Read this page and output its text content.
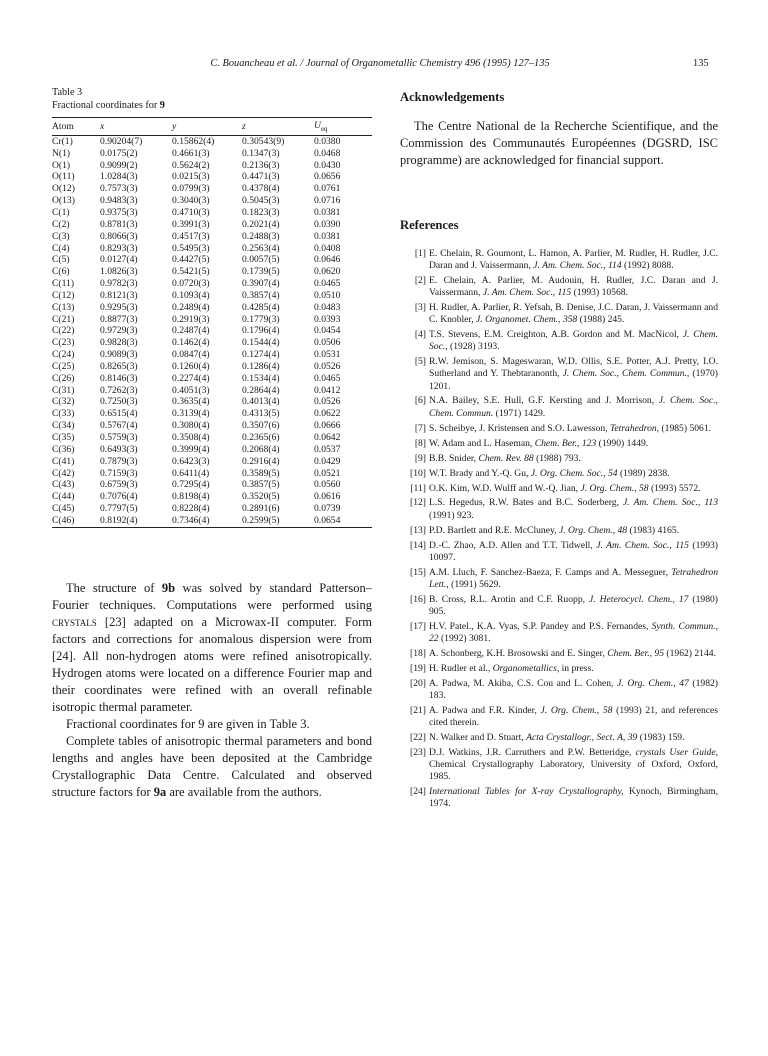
C. Bouancheau et al. / Journal of Organometallic Chemistry 496 (1995) 127–135	135
Table 3
Fractional coordinates for 9
Atom	x	y	z	$U_{eq}$
Cr(1)	0.90204(7)	0.15862(4)	0.30543(9)	0.0380
N(1)	0.0175(2)	0.4661(3)	0.1347(3)	0.0468
O(1)	0.9099(2)	0.5624(2)	0.2136(3)	0.0430
O(11)	1.0284(3)	0.0215(3)	0.4471(3)	0.0656
O(12)	0.7573(3)	0.0799(3)	0.4378(4)	0.0761
O(13)	0.9483(3)	0.3040(3)	0.5045(3)	0.0716
C(1)	0.9375(3)	0.4710(3)	0.1823(3)	0.0381
C(2)	0.8781(3)	0.3991(3)	0.2021(4)	0.0390
C(3)	0.8066(3)	0.4517(3)	0.2488(3)	0.0381
C(4)	0.8293(3)	0.5495(3)	0.2563(4)	0.0408
C(5)	0.0127(4)	0.4427(5)	0.0057(5)	0.0646
C(6)	1.0826(3)	0.5421(5)	0.1739(5)	0.0620
C(11)	0.9782(3)	0.0720(3)	0.3907(4)	0.0465
C(12)	0.8121(3)	0.1093(4)	0.3857(4)	0.0510
C(13)	0.9295(3)	0.2489(4)	0.4285(4)	0.0483
C(21)	0.8877(3)	0.2919(3)	0.1779(3)	0.0393
C(22)	0.9729(3)	0.2487(4)	0.1796(4)	0.0454
C(23)	0.9828(3)	0.1462(4)	0.1544(4)	0.0506
C(24)	0.9089(3)	0.0847(4)	0.1274(4)	0.0531
C(25)	0.8265(3)	0.1260(4)	0.1286(4)	0.0526
C(26)	0.8146(3)	0.2274(4)	0.1534(4)	0.0465
C(31)	0.7262(3)	0.4051(3)	0.2864(4)	0.0412
C(32)	0.7250(3)	0.3635(4)	0.4013(4)	0.0526
C(33)	0.6515(4)	0.3139(4)	0.4313(5)	0.0622
C(34)	0.5767(4)	0.3080(4)	0.3507(6)	0.0666
C(35)	0.5759(3)	0.3508(4)	0.2365(6)	0.0642
C(36)	0.6493(3)	0.3999(4)	0.2068(4)	0.0537
C(41)	0.7879(3)	0.6423(3)	0.2916(4)	0.0429
C(42)	0.7159(3)	0.6411(4)	0.3589(5)	0.0521
C(43)	0.6759(3)	0.7295(4)	0.3857(5)	0.0560
C(44)	0.7076(4)	0.8198(4)	0.3520(5)	0.0616
C(45)	0.7797(5)	0.8228(4)	0.2891(6)	0.0739
C(46)	0.8192(4)	0.7346(4)	0.2599(5)	0.0654

The structure of 9b was solved by standard Patterson–Fourier techniques. Computations were performed using crystals [23] adapted on a Microwax-II computer. Form factors and corrections for anomalous dispersion were from [24]. All non-hydrogen atoms were refined anisotropically. Hydrogen atoms were located on a difference Fourier map and their coordinates were refined with an overall refinable isotropic thermal parameter.

Fractional coordinates for 9 are given in Table 3.

Complete tables of anisotropic thermal parameters and bond lengths and angles have been deposited at the Cambridge Crystallographic Data Centre. Calculated and observed structure factors for 9a are available from the authors.

Acknowledgements
The Centre National de la Recherche Scientifique, and the Commission des Communautés Européennes (DGSRD, ISC programme) are acknowledged for financial support.
References
[1] E. Chelain, R. Goumont, L. Hamon, A. Parlier, M. Rudler, H. Rudler, J.C. Daran and J. Vaissermann, J. Am. Chem. Soc., 114 (1992) 8088.
[2] E. Chelain, A. Parlier, M. Audouin, H. Rudler, J.C. Daran and J. Vaissermann, J. Am. Chem. Soc., 115 (1993) 10568.
[3] H. Rudler, A. Parlier, R. Yefsah, B. Denise, J.C. Daran, J. Vaissermann and C. Knobler, J. Organomet. Chem., 358 (1988) 245.
[4] T.S. Stevens, E.M. Creighton, A.B. Gordon and M. MacNicol, J. Chem. Soc., (1928) 3193.
[5] R.W. Jemison, S. Mageswaran, W.D. Ollis, S.E. Potter, A.J. Pretty, I.O. Sutherland and Y. Thebtaranonth, J. Chem. Soc., Chem. Commun., (1970) 1201.
[6] N.A. Bailey, S.E. Hull, G.F. Kersting and J. Morrison, J. Chem. Soc., Chem. Commun. (1971) 1429.
[7] S. Scheibye, J. Kristensen and S.O. Lawesson, Tetrahedron, (1985) 5061.
[8] W. Adam and L. Haseman, Chem. Ber., 123 (1990) 1449.
[9] B.B. Snider, Chem. Rev. 88 (1988) 793.
[10] W.T. Brady and Y.-Q. Gu, J. Org. Chem. Soc., 54 (1989) 2838.
[11] O.K. Kim, W.D. Wulff and W.-Q. Jian, J. Org. Chem., 58 (1993) 5572.
[12] L.S. Hegedus, R.W. Bates and B.C. Soderberg, J. Am. Chem. Soc., 113 (1991) 923.
[13] P.D. Bartlett and R.E. McCluney, J. Org. Chem., 48 (1983) 4165.
[14] D.-C. Zhao, A.D. Allen and T.T. Tidwell, J. Am. Chem. Soc., 115 (1993) 10097.
[15] A.M. Lluch, F. Sanchez-Baeza, F. Camps and A. Messeguer, Tetrahedron Lett., (1991) 5629.
[16] B. Cross, R.L. Arotin and C.F. Ruopp, J. Heterocycl. Chem., 17 (1980) 905.
[17] H.V. Patel., K.A. Vyas, S.P. Pandey and P.S. Fernandes, Synth. Commun., 22 (1992) 3081.
[18] A. Schonberg, K.H. Brosowski and E. Singer, Chem. Ber., 95 (1962) 2144.
[19] H. Rudler et al., Organometallics, in press.
[20] A. Padwa, M. Akiba, C.S. Cou and L. Cohen, J. Org. Chem., 47 (1982) 183.
[21] A. Padwa and F.R. Kinder, J. Org. Chem., 58 (1993) 21, and references cited therein.
[22] N. Walker and D. Stuart, Acta Crystallogr., Sect. A, 39 (1983) 159.
[23] D.J. Watkins, J.R. Carruthers and P.W. Betteridge, crystals User Guide, Chemical Crystallography Laboratory, University of Oxford, Oxford, 1985.
[24] International Tables for X-ray Crystallography, Kynoch, Birmingham, 1974.
